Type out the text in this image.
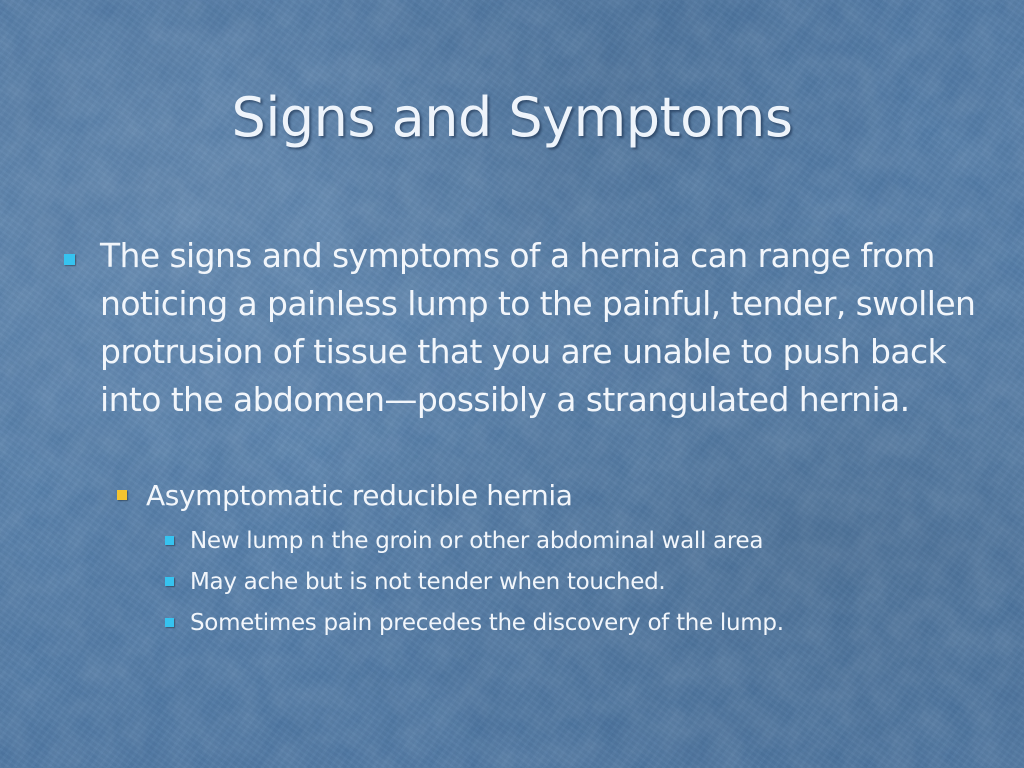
Signs and Symptoms
The signs and symptoms of a hernia can range from noticing a painless lump to the painful, tender, swollen protrusion of tissue that you are unable to push back into the abdomen—possibly a strangulated hernia.
Asymptomatic reducible hernia
New lump n the groin or other abdominal wall area
May ache but is not tender when touched.
Sometimes pain precedes the discovery of the lump.
